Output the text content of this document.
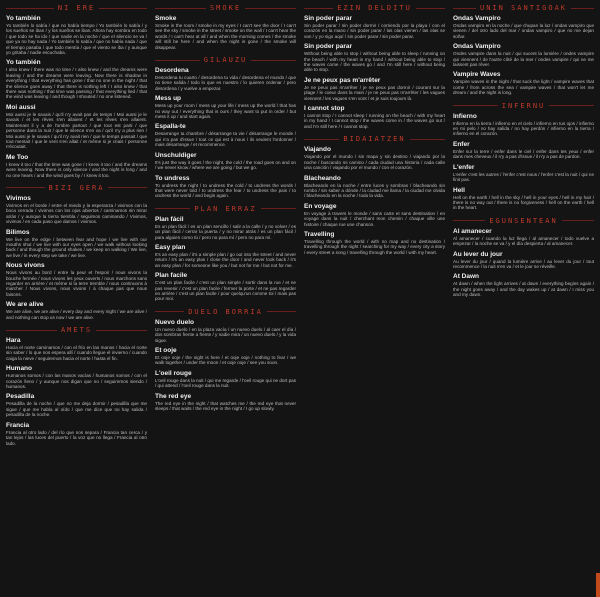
NI ERE
Yo también
Yo también lo sabía / que no había tiempo / Yo también lo sabía / y los sueños se iban / y los sueños se iban. Ahora hay sombra en todo / que todo se ha ido / que nadie en la noche / que el silencio se va / que ya no hay nada / Yo también lo sabía / que no había nada / que el tiempo pasaba / que todo mentía / que el viento se iba / y aunque yo gritaba / nadie escuchaba.
Yo también
I also knew / there was no time / I also knew / and the dreams were leaving / and the dreams were leaving. Now there is shadow in everything / that everything has gone / that no one in the night / that the silence goes away / that there is nothing left / I also knew / that there was nothing / that time was passing / that everything lied / that the wind was leaving / and though I shouted / no one listened.
Moi aussi
Moi aussi je le savais / qu'il n'y avait pas de temps / Moi aussi je le savais / et les rêves s'en allaient / et les rêves s'en allaient. Maintenant il y a de l'ombre partout / que tout est parti / que personne dans la nuit / que le silence s'en va / qu'il n'y a plus rien / Moi aussi je le savais / qu'il n'y avait rien / que le temps passait / que tout mentait / que le vent s'en allait / et même si je criais / personne n'écoutait.
Me Too
I knew it too / that the time was gone / I knew it too / and the dreams were leaving. Now there is only silence / and the night is long / and no one hears / and the wind goes by / I knew it too.
BIZI GERA
Vivimos
Vivimos en el borde / entre el miedo y la esperanza / vivimos con la boca cerrada / vivimos con los ojos abiertos / caminamos sin mirar atrás / y aunque la tierra tiembla / seguimos caminando / Vivimos, vivimos / en cada paso que damos / vivimos.
Bilimos
We live on the edge / between fear and hope / we live with our mouths shut / we live with our eyes open / we walk without looking back / and though the ground shakes / we keep on walking / We live, we live / in every step we take / we live.
Nous vivons
Nous vivons au bord / entre la peur et l'espoir / nous vivons la bouche fermée / nous vivons les yeux ouverts / nous marchons sans regarder en arrière / et même si la terre tremble / nous continuons à marcher / Nous vivons, nous vivons / à chaque pas que nous faisons.
We are alive
We are alive, we are alive / every day and every night / we are alive / and nothing can stop us now / we are alive.
AMETS
Hara
Hacia el norte caminamos / con el frío en las manos / hacia el norte sin saber / lo que nos espera allí / cuando llegue el invierno / cuando caiga la nieve / seguiremos hacia el norte / hasta el fin.
Humano
Humanos somos / con las manos vacías / humanos somos / con el corazón lleno / y aunque nos digan que no / seguiremos siendo / humanos.
Pesadilla
Pesadilla de la noche / que no me deja dormir / pesadilla que me sigue / que me habla al oído / que me dice que no hay salida / pesadilla de la noche.
Francia
Francia al otro lado / del río que nos separa / Francia tan cerca / y tan lejos / las luces del puerto / la voz que no llega / Francia al otro lado.
SMOKE
Smoke
Smoke in the room / smoke in my eyes / I can't see the door / I can't see the sky / smoke in the street / smoke on the wall / I can't hear the words / I can't hear at all / and when the morning comes / the smoke will still be here / and when the night is gone / the smoke will disappear.
GILAUZU
Desordena
Desordena tu cuarto / desordena tu vida / desordena el mundo / que no tiene salida / todo lo que es nuestro / lo quieren ordenar / pero desordena / y vuelve a empezar.
Mess up
Mess up your room / mess up your life / mess up the world / that has no way out / everything that is ours / they want to put in order / but mess it up / and start again.
Espalla-te
Desarrange ta chambre / désarrange ta vie / désarrange le monde / qui n'a pas d'issue / tout ce qui est à nous / ils veulent l'ordonner / mais désarrange / et recommence.
Unschuldiger
It's just the way it goes / the night, the cold / the road goes on and on / we never know / where we are going / but we go.
To undress
To undress the night / to undress the cold / to undress the words / that were never told / to undress the fear / to undress the pain / to undress the world / and begin again.
PLAN ERRAZ
Plan fácil
Es un plan fácil / es un plan sencillo / salir a la calle / y no volver / es un plan fácil / cerrar la puerta / y no mirar atrás / es un plan fácil / para alguien como tú / pero no para mí / pero no para mí.
Easy plan
It's an easy plan / it's a simple plan / go out into the street / and never return / it's an easy plan / close the door / and never look back / it's an easy plan / for someone like you / but not for me / but not for me.
Plan facile
C'est un plan facile / c'est un plan simple / sortir dans la rue / et ne pas revenir / c'est un plan facile / fermer la porte / et ne pas regarder en arrière / c'est un plan facile / pour quelqu'un comme toi / mais pas pour moi.
DUELO BORRIA
Nuevo duelo
Un nuevo duelo / en la plaza vacía / un nuevo duelo / al caer el día / dos sombras frente a frente / y nadie mira / un nuevo duelo / y la vida sigue.
Et ooje
Et ooje ooje / the night is here / et ooje ooje / nothing to fear / we walk together / under the moon / et ooje ooje / see you soon.
L'oeil rouge
L'oeil rouge dans la nuit / qui me regarde / l'oeil rouge qui ne dort pas / qui attend / l'oeil rouge dans la nuit.
The red eye
The red eye in the night / that watches me / the red eye that never sleeps / that waits / the red eye in the night / I go up slowly.
EZIN DELDITU
Sin poder parar
Sin poder parar / sin poder dormir / corriendo por la playa / con el corazón en la mano / sin poder parar / las olas vienen / las olas se van / y yo sigo aquí / sin poder parar / sin poder parar.
Sin poder parar
Without being able to stop / without being able to sleep / running on the beach / with my heart in my hand / without being able to stop / the waves come / the waves go / and I'm still here / without being able to stop.
Je ne peux pas m'arrêter
Je ne peux pas m'arrêter / je ne peux pas dormir / courant sur la plage / le coeur dans la main / je ne peux pas m'arrêter / les vagues viennent / les vagues s'en vont / et je suis toujours là.
I cannot stop
I cannot stop / I cannot sleep / running on the beach / with my heart in my hand / I cannot stop / the waves come in / the waves go out / and I'm still here / I cannot stop.
BIDAIATZEN
Viajando
Viajando por el mundo / sin mapa y sin destino / viajando por la noche / buscando mi camino / cada ciudad una historia / cada calle una canción / viajando por el mundo / con el corazón.
Blacheando
Blacheando en la noche / entre luces y sombras / blacheando sin rumbo / sin saber a dónde / la ciudad me llama / la ciudad me olvida / blacheando en la noche / toda la vida.
En voyage
En voyage à travers le monde / sans carte et sans destination / en voyage dans la nuit / cherchant mon chemin / chaque ville une histoire / chaque rue une chanson.
Travelling
Travelling through the world / with no map and no destination / travelling through the night / searching for my way / every city a story / every street a song / travelling through the world / with my heart.
UNIN SANTIGOAK
Ondas Vampiro
Ondas vampiro en la noche / que chupan la luz / ondas vampiro que vienen / del otro lado del mar / ondas vampiro / que no me dejan soñar.
Ondas Vampiro
Ondes vampire dans la nuit / qui sucent la lumière / ondes vampire qui viennent / de l'autre côté de la mer / ondes vampire / qui ne me laissent pas rêver.
Vampire Waves
Vampire waves in the night / that suck the light / vampire waves that come / from across the sea / vampire waves / that won't let me dream / and the night is long.
INFERNU
Infierno
Infierno en la tierra / infierno en el cielo / infierno en tus ojos / infierno en mi pelo / no hay salida / no hay perdón / infierno en la tierra / infierno en el corazón.
Enfer
Enfer sur la terre / enfer dans le ciel / enfer dans tes yeux / enfer dans mes cheveux / il n'y a pas d'issue / il n'y a pas de pardon.
L'enfer
L'enfer c'est les autres / l'enfer c'est nous / l'enfer c'est la nuit / qui ne finit pas.
Hell
Hell on the earth / hell in the sky / hell in your eyes / hell in my hair / there is no way out / there is no forgiveness / hell on the earth / hell in the heart.
EGUNSENTEAN
Al amanecer
Al amanecer / cuando la luz llega / al amanecer / todo vuelve a empezar / la noche se va / y el día despierta / al amanecer.
Au lever du jour
Au lever du jour / quand la lumière arrive / au lever du jour / tout recommence / la nuit s'en va / et le jour se réveille.
At Dawn
At dawn / when the light arrives / at dawn / everything begins again / the night goes away / and the day wakes up / at dawn / I miss you and my dawn.
